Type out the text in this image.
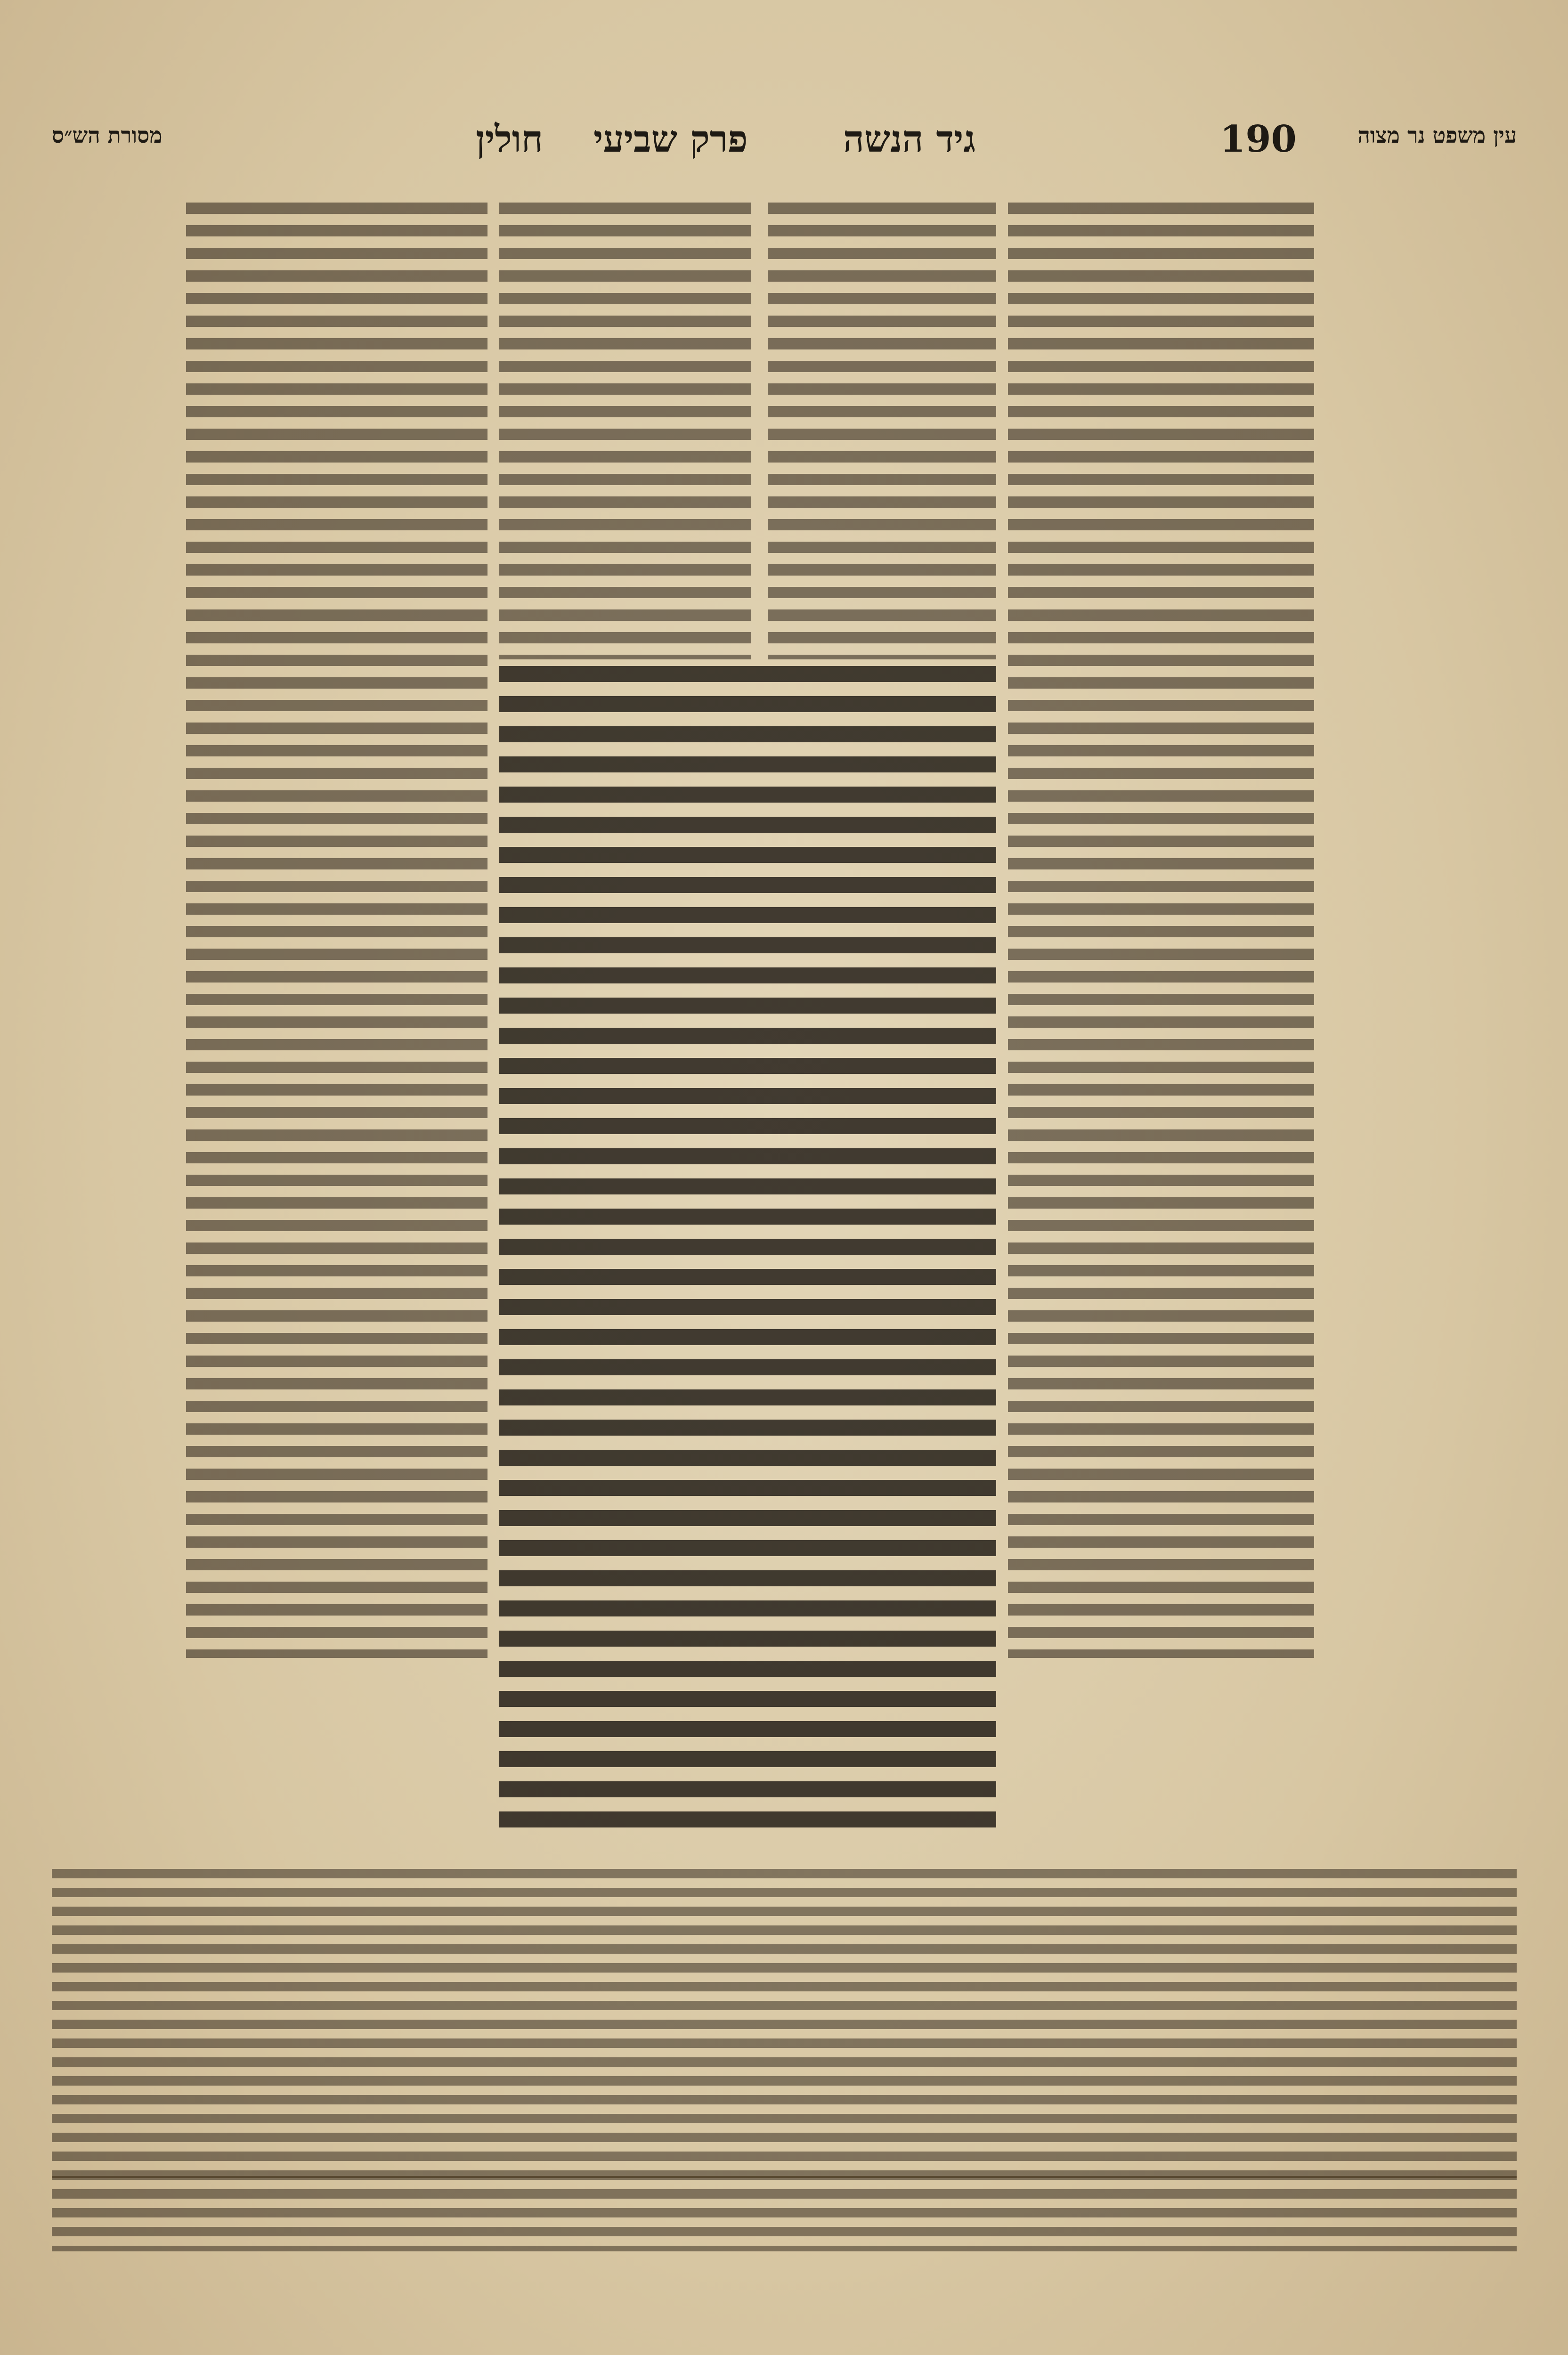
עין משפט נר מצוה
190
גיד הנשה
פרק שביעי
חולין
מסורת הש״ס
